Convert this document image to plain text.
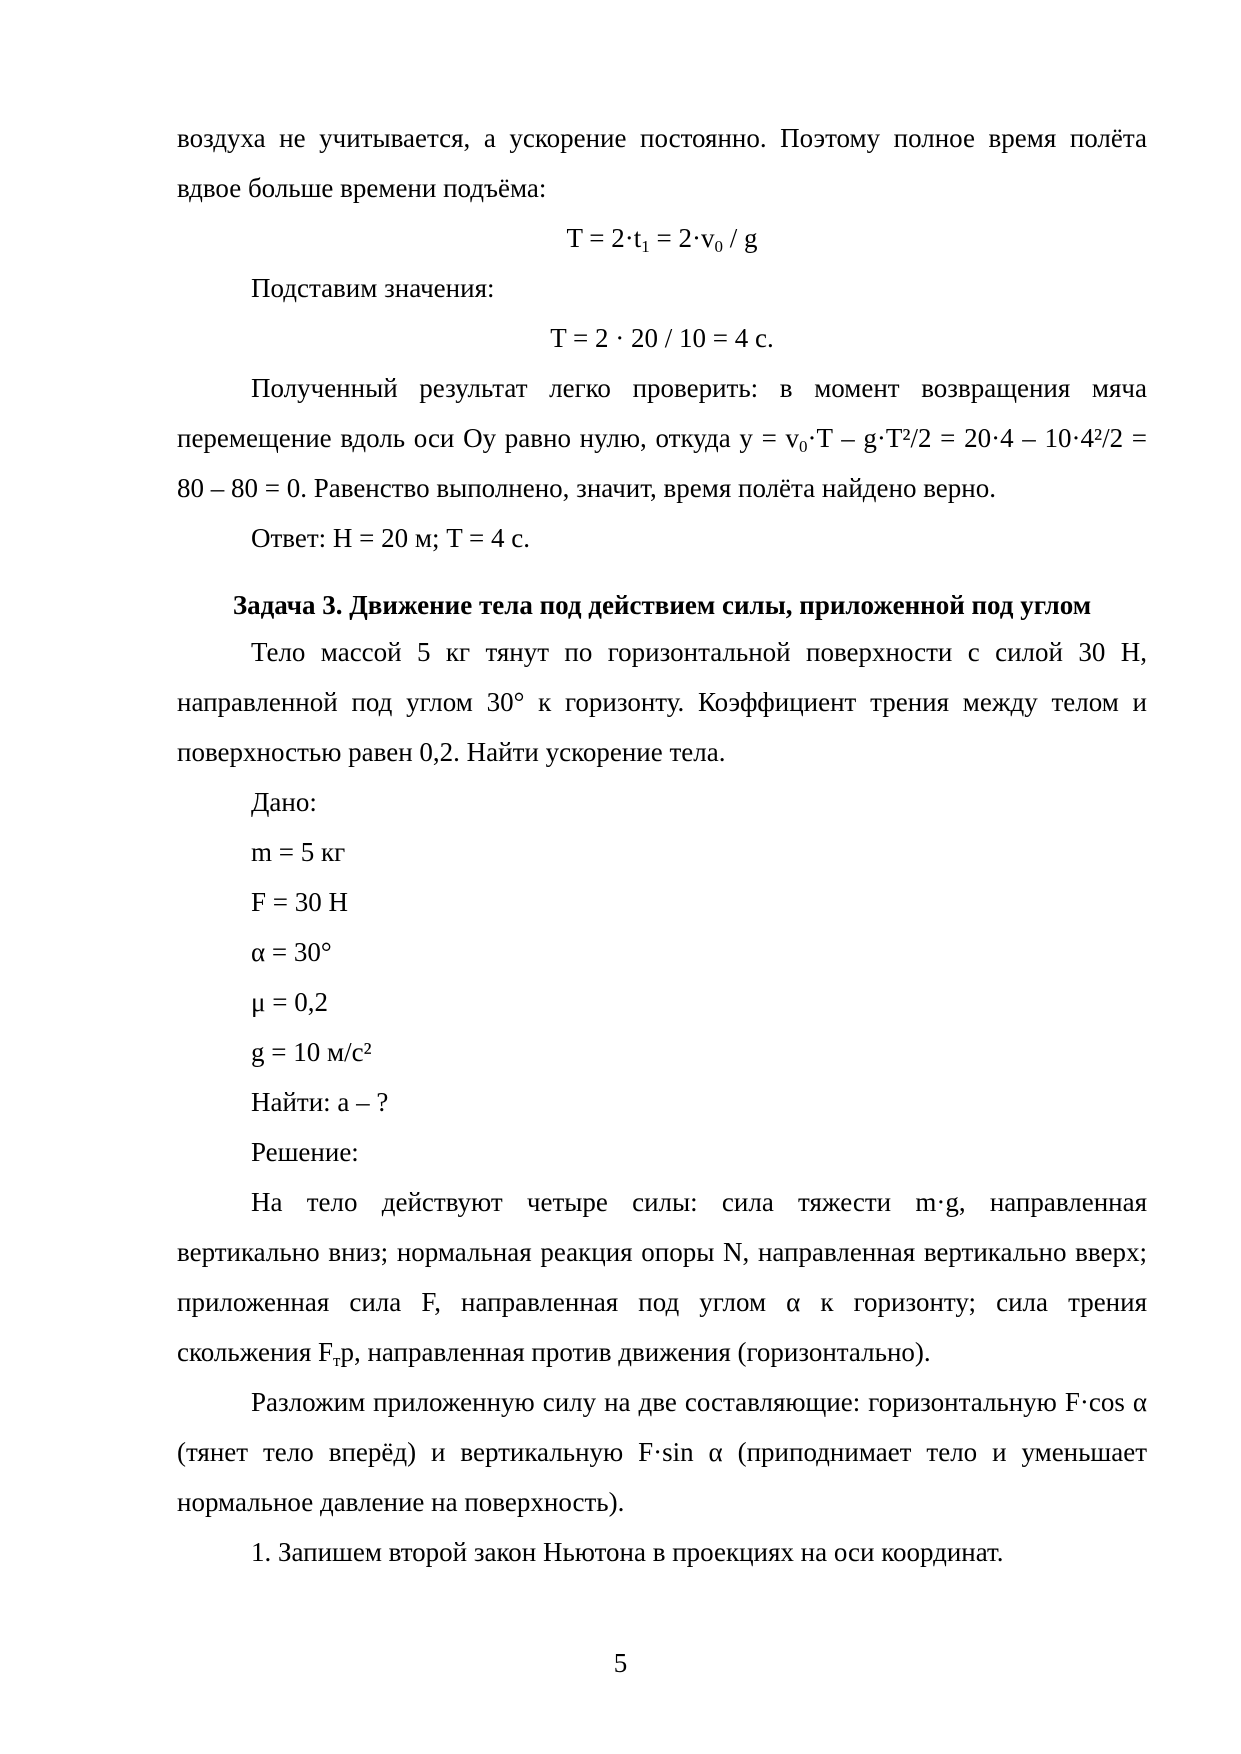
воздуха не учитывается, а ускорение постоянно. Поэтому полное время полёта вдвое больше времени подъёма:

$T = 2\cdot t_1 = 2\cdot v_0 / g$

Подставим значения:

T = 2 · 20 / 10 = 4 с.

Полученный результат легко проверить: в момент возвращения мяча перемещение вдоль оси Oy равно нулю, откуда $y = v_0\cdot T - g\cdot T^2/2 = 20\cdot 4 - 10\cdot 4^2/2 = 80 - 80 = 0$. Равенство выполнено, значит, время полёта найдено верно.

Ответ: H = 20 м; T = 4 с.

Задача 3. Движение тела под действием силы, приложенной под углом

Тело массой 5 кг тянут по горизонтальной поверхности с силой 30 Н, направленной под углом 30° к горизонту. Коэффициент трения между телом и поверхностью равен 0,2. Найти ускорение тела.

Дано:

m = 5 кг

F = 30 Н

α = 30°

μ = 0,2

g = 10 м/с²

Найти: a – ?

Решение:

На тело действуют четыре силы: сила тяжести m·g, направленная вертикально вниз; нормальная реакция опоры N, направленная вертикально вверх; приложенная сила F, направленная под углом α к горизонту; сила трения скольжения $F_тр$, направленная против движения (горизонтально).

Разложим приложенную силу на две составляющие: горизонтальную F·cos α (тянет тело вперёд) и вертикальную F·sin α (приподнимает тело и уменьшает нормальное давление на поверхность).

1. Запишем второй закон Ньютона в проекциях на оси координат.

5
